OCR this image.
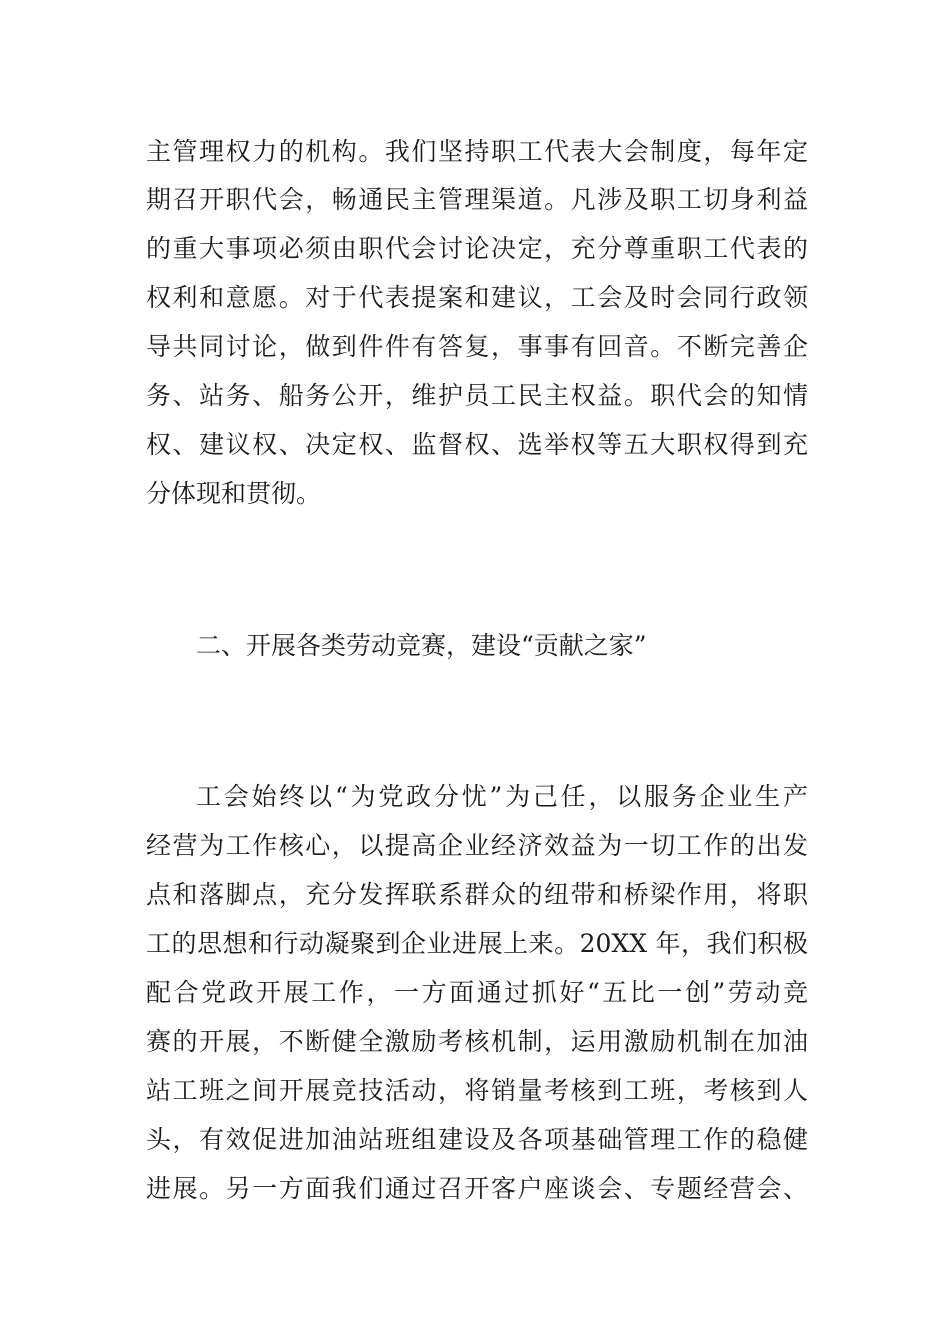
主管理权力的机构。我们坚持职工代表大会制度，每年定
期召开职代会，畅通民主管理渠道。凡涉及职工切身利益
的重大事项必须由职代会讨论决定，充分尊重职工代表的
权利和意愿。对于代表提案和建议，工会及时会同行政领
导共同讨论，做到件件有答复，事事有回音。不断完善企
务、站务、船务公开，维护员工民主权益。职代会的知情
权、建议权、决定权、监督权、选举权等五大职权得到充
分体现和贯彻。
二、开展各类劳动竞赛，建设“贡献之家”
工会始终以“为党政分忧”为己任，以服务企业生产
经营为工作核心，以提高企业经济效益为一切工作的出发
点和落脚点，充分发挥联系群众的纽带和桥梁作用，将职
工的思想和行动凝聚到企业进展上来。20XX 年，我们积极
配合党政开展工作，一方面通过抓好“五比一创”劳动竞
赛的开展，不断健全激励考核机制，运用激励机制在加油
站工班之间开展竞技活动，将销量考核到工班，考核到人
头，有效促进加油站班组建设及各项基础管理工作的稳健
进展。另一方面我们通过召开客户座谈会、专题经营会、
